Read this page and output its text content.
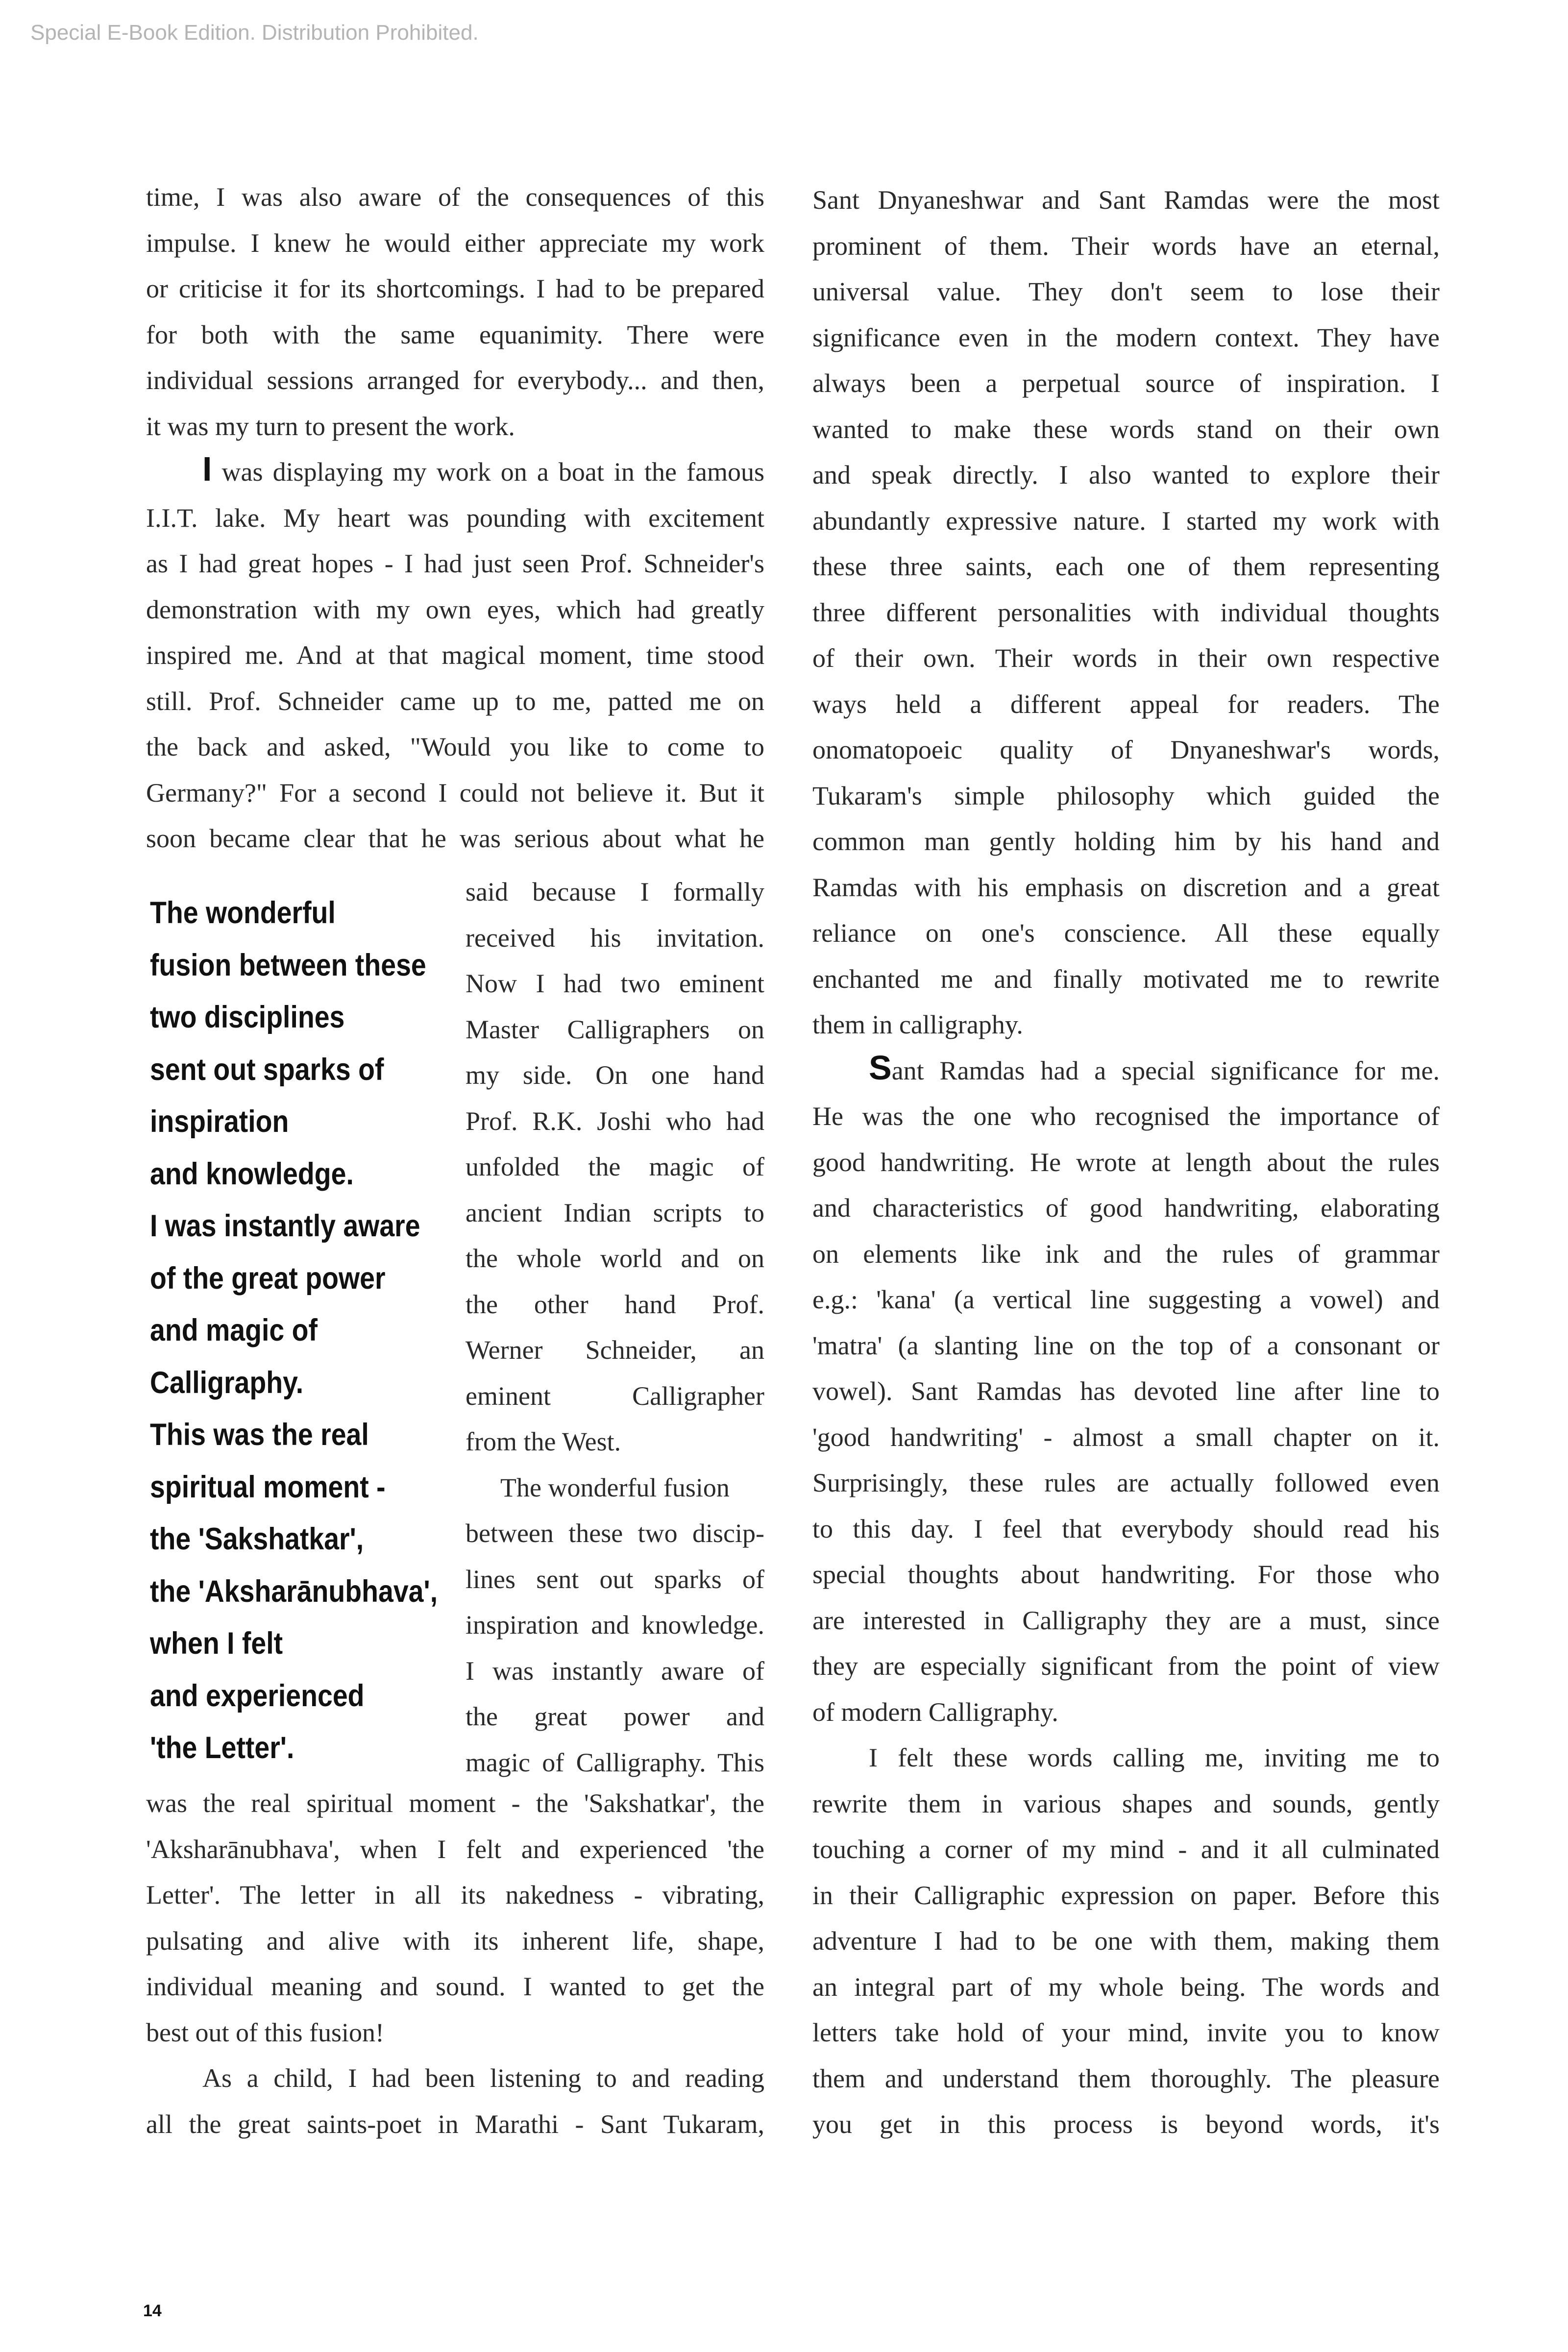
Special E-Book Edition. Distribution Prohibited.
time, I was also aware of the consequences of this
impulse. I knew he would either appreciate my work
or criticise it for its shortcomings. I had to be prepared
for both with the same equanimity. There were
individual sessions arranged for everybody... and then,
it was my turn to present the work.
I was displaying my work on a boat in the famous
I.I.T. lake. My heart was pounding with excitement
as I had great hopes - I had just seen Prof. Schneider's
demonstration with my own eyes, which had greatly
inspired me. And at that magical moment, time stood
still. Prof. Schneider came up to me, patted me on
the back and asked, "Would you like to come to
Germany?" For a second I could not believe it. But it
soon became clear that he was serious about what he
The wonderful
fusion between these
two disciplines
sent out sparks of
inspiration
and knowledge.
I was instantly aware
of the great power
and magic of
Calligraphy.
This was the real
spiritual moment -
the 'Sakshatkar',
the 'Aksharānubhava',
when I felt
and experienced
'the Letter'.
said because I formally
received his invitation.
Now I had two eminent
Master Calligraphers on
my side. On one hand
Prof. R.K. Joshi who had
unfolded the magic of
ancient Indian scripts to
the whole world and on
the other hand Prof.
Werner Schneider, an
eminent Calligrapher
from the West.
The wonderful fusion
between these two discip-
lines sent out sparks of
inspiration and knowledge.
I was instantly aware of
the great power and
magic of Calligraphy. This
was the real spiritual moment - the 'Sakshatkar', the
'Aksharānubhava', when I felt and experienced 'the
Letter'. The letter in all its nakedness - vibrating,
pulsating and alive with its inherent life, shape,
individual meaning and sound. I wanted to get the
best out of this fusion!
As a child, I had been listening to and reading
all the great saints-poet in Marathi - Sant Tukaram,
Sant Dnyaneshwar and Sant Ramdas were the most
prominent of them. Their words have an eternal,
universal value. They don't seem to lose their
significance even in the modern context. They have
always been a perpetual source of inspiration. I
wanted to make these words stand on their own
and speak directly. I also wanted to explore their
abundantly expressive nature. I started my work with
these three saints, each one of them representing
three different personalities with individual thoughts
of their own. Their words in their own respective
ways held a different appeal for readers. The
onomatopoeic quality of Dnyaneshwar's words,
Tukaram's simple philosophy which guided the
common man gently holding him by his hand and
Ramdas with his emphasis on discretion and a great
reliance on one's conscience. All these equally
enchanted me and finally motivated me to rewrite
them in calligraphy.
Sant Ramdas had a special significance for me.
He was the one who recognised the importance of
good handwriting. He wrote at length about the rules
and characteristics of good handwriting, elaborating
on elements like ink and the rules of grammar
e.g.: 'kana' (a vertical line suggesting a vowel) and
'matra' (a slanting line on the top of a consonant or
vowel). Sant Ramdas has devoted line after line to
'good handwriting' - almost a small chapter on it.
Surprisingly, these rules are actually followed even
to this day. I feel that everybody should read his
special thoughts about handwriting. For those who
are interested in Calligraphy they are a must, since
they are especially significant from the point of view
of modern Calligraphy.
I felt these words calling me, inviting me to
rewrite them in various shapes and sounds, gently
touching a corner of my mind - and it all culminated
in their Calligraphic expression on paper. Before this
adventure I had to be one with them, making them
an integral part of my whole being. The words and
letters take hold of your mind, invite you to know
them and understand them thoroughly. The pleasure
you get in this process is beyond words, it's
14
